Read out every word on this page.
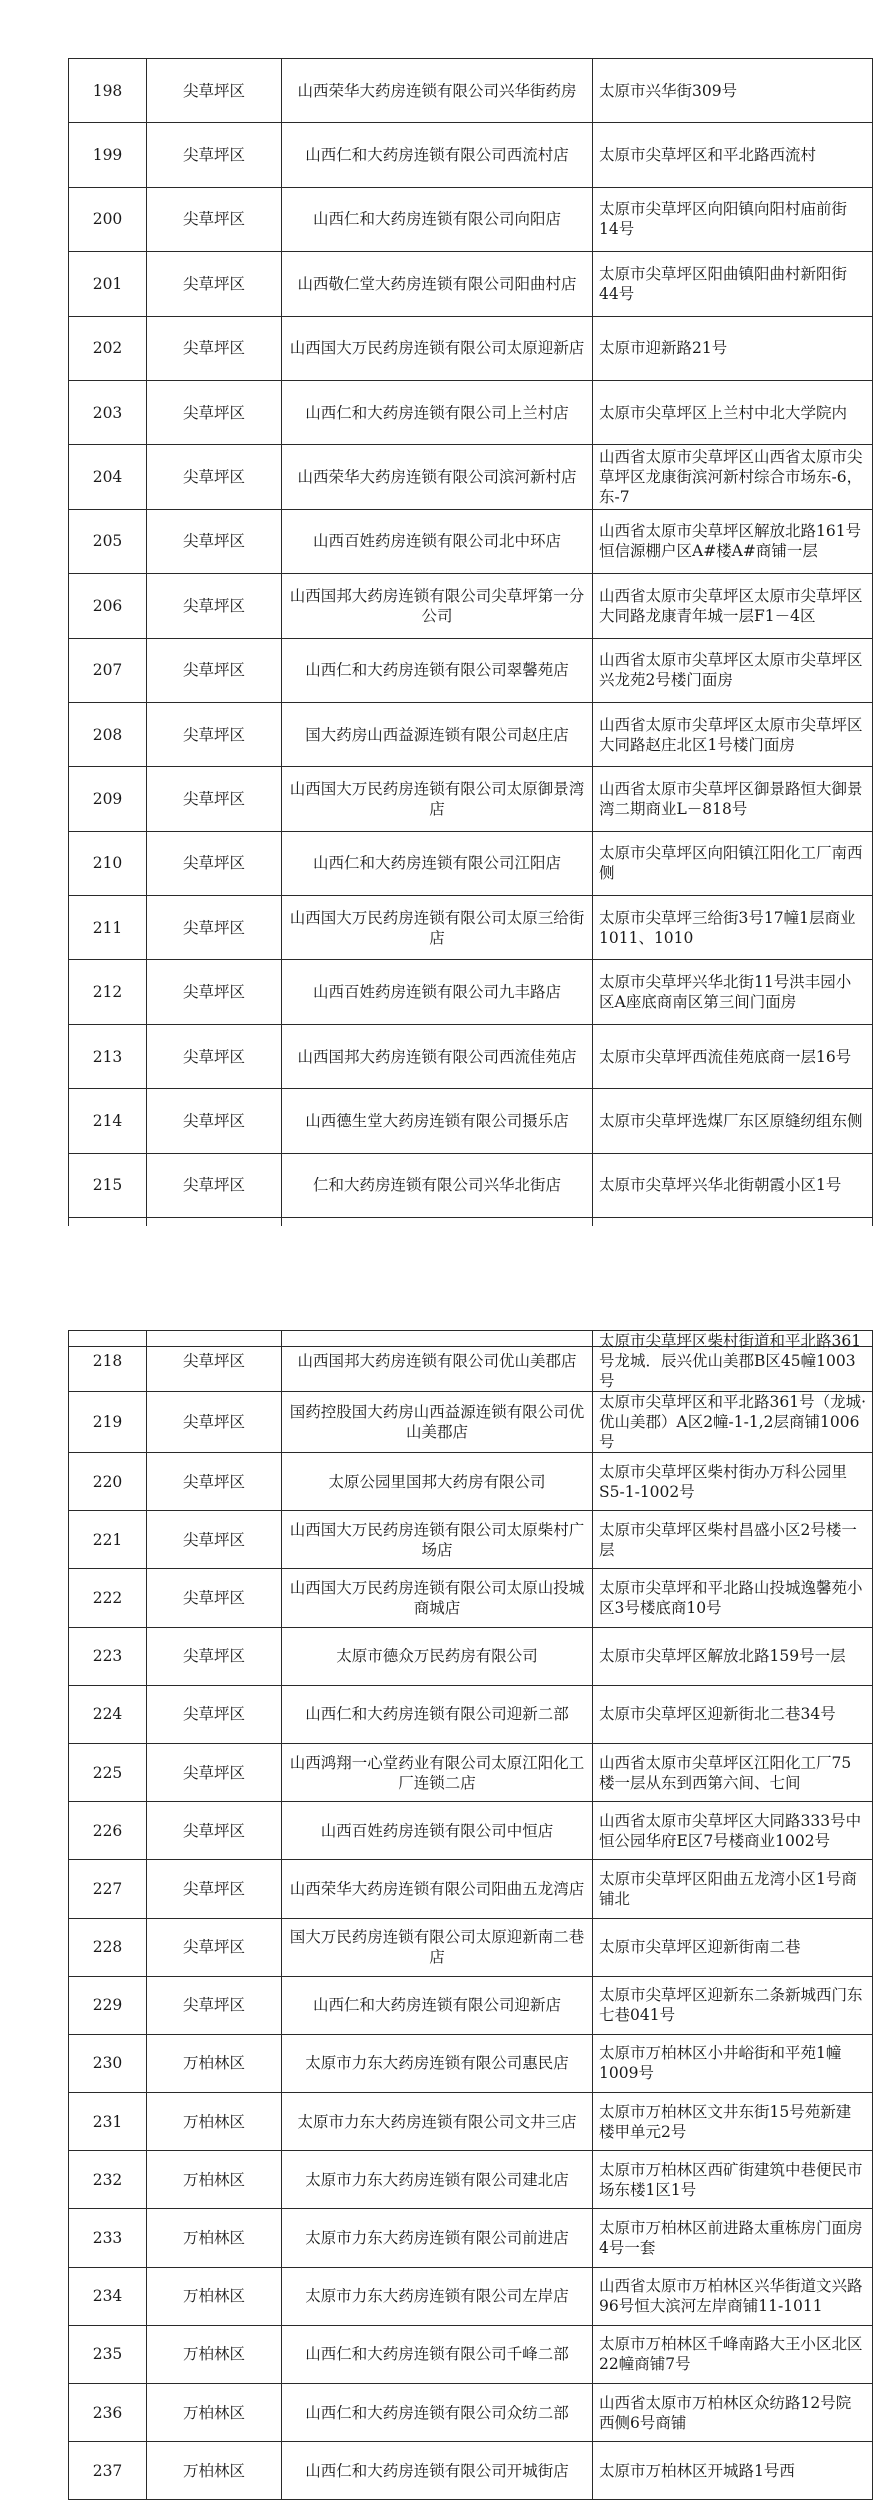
198	尖草坪区	山西荣华大药房连锁有限公司兴华街药房	太原市兴华街309号
199	尖草坪区	山西仁和大药房连锁有限公司西流村店	太原市尖草坪区和平北路西流村
200	尖草坪区	山西仁和大药房连锁有限公司向阳店	太原市尖草坪区向阳镇向阳村庙前街14号
201	尖草坪区	山西敬仁堂大药房连锁有限公司阳曲村店	太原市尖草坪区阳曲镇阳曲村新阳街44号
202	尖草坪区	山西国大万民药房连锁有限公司太原迎新店	太原市迎新路21号
203	尖草坪区	山西仁和大药房连锁有限公司上兰村店	太原市尖草坪区上兰村中北大学院内
204	尖草坪区	山西荣华大药房连锁有限公司滨河新村店	山西省太原市尖草坪区山西省太原市尖草坪区龙康街滨河新村综合市场东-6，东-7
205	尖草坪区	山西百姓药房连锁有限公司北中环店	山西省太原市尖草坪区解放北路161号恒信源棚户区A#楼A#商铺一层
206	尖草坪区	山西国邦大药房连锁有限公司尖草坪第一分公司	山西省太原市尖草坪区太原市尖草坪区大同路龙康青年城一层F1－4区
207	尖草坪区	山西仁和大药房连锁有限公司翠馨苑店	山西省太原市尖草坪区太原市尖草坪区兴龙苑2号楼门面房
208	尖草坪区	国大药房山西益源连锁有限公司赵庄店	山西省太原市尖草坪区太原市尖草坪区大同路赵庄北区1号楼门面房
209	尖草坪区	山西国大万民药房连锁有限公司太原御景湾店	山西省太原市尖草坪区御景路恒大御景湾二期商业L－818号
210	尖草坪区	山西仁和大药房连锁有限公司江阳店	太原市尖草坪区向阳镇江阳化工厂南西侧
211	尖草坪区	山西国大万民药房连锁有限公司太原三给街店	太原市尖草坪三给街3号17幢1层商业1011、1010
212	尖草坪区	山西百姓药房连锁有限公司九丰路店	太原市尖草坪兴华北街11号洪丰园小区A座底商南区第三间门面房
213	尖草坪区	山西国邦大药房连锁有限公司西流佳苑店	太原市尖草坪西流佳苑底商一层16号
214	尖草坪区	山西德生堂大药房连锁有限公司摄乐店	太原市尖草坪选煤厂东区原缝纫组东侧
215	尖草坪区	仁和大药房连锁有限公司兴华北街店	太原市尖草坪兴华北街朝霞小区1号

218	尖草坪区	山西国邦大药房连锁有限公司优山美郡店	太原市尖草坪区柴村街道和平北路361号龙城．辰兴优山美郡B区45幢1003号
219	尖草坪区	国药控股国大药房山西益源连锁有限公司优山美郡店	太原市尖草坪区和平北路361号（龙城·优山美郡）A区2幢-1-1,2层商铺1006号
220	尖草坪区	太原公园里国邦大药房有限公司	太原市尖草坪区柴村街办万科公园里S5-1-1002号
221	尖草坪区	山西国大万民药房连锁有限公司太原柴村广场店	太原市尖草坪区柴村昌盛小区2号楼一层
222	尖草坪区	山西国大万民药房连锁有限公司太原山投城商城店	太原市尖草坪和平北路山投城逸馨苑小区3号楼底商10号
223	尖草坪区	太原市德众万民药房有限公司	太原市尖草坪区解放北路159号一层
224	尖草坪区	山西仁和大药房连锁有限公司迎新二部	太原市尖草坪区迎新街北二巷34号
225	尖草坪区	山西鸿翔一心堂药业有限公司太原江阳化工厂连锁二店	山西省太原市尖草坪区江阳化工厂75楼一层从东到西第六间、七间
226	尖草坪区	山西百姓药房连锁有限公司中恒店	山西省太原市尖草坪区大同路333号中恒公园华府E区7号楼商业1002号
227	尖草坪区	山西荣华大药房连锁有限公司阳曲五龙湾店	太原市尖草坪区阳曲五龙湾小区1号商铺北
228	尖草坪区	国大万民药房连锁有限公司太原迎新南二巷店	太原市尖草坪区迎新街南二巷
229	尖草坪区	山西仁和大药房连锁有限公司迎新店	太原市尖草坪区迎新东二条新城西门东七巷041号
230	万柏林区	太原市力东大药房连锁有限公司惠民店	太原市万柏林区小井峪街和平苑1幢1009号
231	万柏林区	太原市力东大药房连锁有限公司文井三店	太原市万柏林区文井东街15号苑新建楼甲单元2号
232	万柏林区	太原市力东大药房连锁有限公司建北店	太原市万柏林区西矿街建筑中巷便民市场东楼1区1号
233	万柏林区	太原市力东大药房连锁有限公司前进店	太原市万柏林区前进路太重栋房门面房4号一套
234	万柏林区	太原市力东大药房连锁有限公司左岸店	山西省太原市万柏林区兴华街道文兴路96号恒大滨河左岸商铺11-1011
235	万柏林区	山西仁和大药房连锁有限公司千峰二部	太原市万柏林区千峰南路大王小区北区22幢商铺7号
236	万柏林区	山西仁和大药房连锁有限公司众纺二部	山西省太原市万柏林区众纺路12号院西侧6号商铺
237	万柏林区	山西仁和大药房连锁有限公司开城街店	太原市万柏林区开城路1号西
